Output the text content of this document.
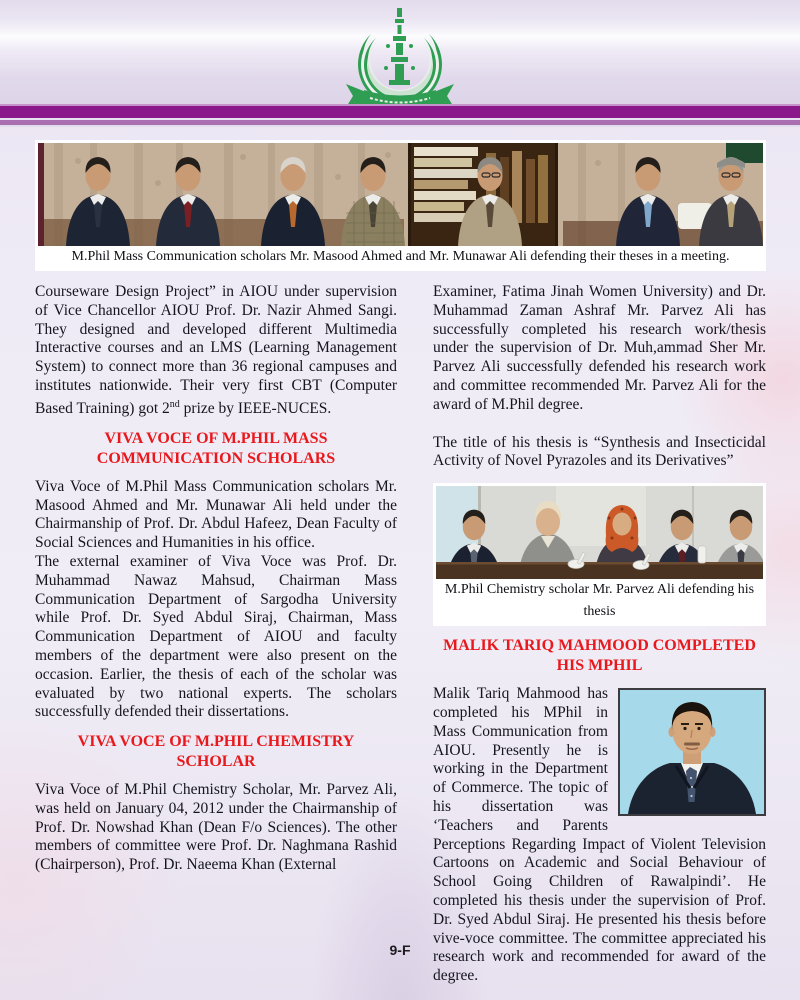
M.Phil Mass Communication scholars Mr. Masood Ahmed and Mr. Munawar Ali defending their theses in a meeting.

Courseware Design Project” in AIOU under supervision of Vice Chancellor AIOU Prof. Dr. Nazir Ahmed Sangi. They designed and developed different Multimedia Interactive courses and an LMS (Learning Management System) to connect more than 36 regional campuses and institutes nationwide. Their very first CBT (Computer Based Training) got 2nd prize by IEEE-NUCES.

VIVA VOCE OF M.PHIL MASS COMMUNICATION SCHOLARS

Viva Voce of M.Phil Mass Communication scholars Mr. Masood Ahmed and Mr. Munawar Ali held under the Chairmanship of Prof. Dr. Abdul Hafeez, Dean Faculty of Social Sciences and Humanities in his office.

The external examiner of Viva Voce was Prof. Dr. Muhammad Nawaz Mahsud, Chairman Mass Communication Department of Sargodha University while Prof. Dr. Syed Abdul Siraj, Chairman, Mass Communication Department of AIOU and faculty members of the department were also present on the occasion. Earlier, the thesis of each of the scholar was evaluated by two national experts. The scholars successfully defended their dissertations.

VIVA VOCE OF M.PHIL CHEMISTRY SCHOLAR

Viva Voce of M.Phil Chemistry Scholar, Mr. Parvez Ali, was held on January 04, 2012 under the Chairmanship of Prof. Dr. Nowshad Khan (Dean F/o Sciences). The other members of committee were Prof. Dr. Naghmana Rashid (Chairperson), Prof. Dr. Naeema Khan (External

Examiner, Fatima Jinah Women University) and Dr. Muhammad Zaman Ashraf Mr. Parvez Ali has successfully completed his research work/thesis under the supervision of Dr. Muh,ammad Sher Mr. Parvez Ali successfully defended his research work and committee recommended Mr. Parvez Ali for the award of M.Phil degree.

The title of his thesis is “Synthesis and Insecticidal Activity of Novel Pyrazoles and its Derivatives”

M.Phil Chemistry scholar Mr. Parvez Ali defending his thesis
MALIK TARIQ MAHMOOD COMPLETED HIS MPHIL

Malik Tariq Mahmood has completed his MPhil in Mass Communication from AIOU. Presently he is working in the Department of Commerce. The topic of his dissertation was ‘Teachers and Parents Perceptions Regarding Impact of Violent Television Cartoons on Academic and Social Behaviour of School Going Children of Rawalpindi’. He completed his thesis under the supervision of Prof. Dr. Syed Abdul Siraj. He presented his thesis before vive-voce committee. The committee appreciated his research work and recommended for award of the degree.

9-F
